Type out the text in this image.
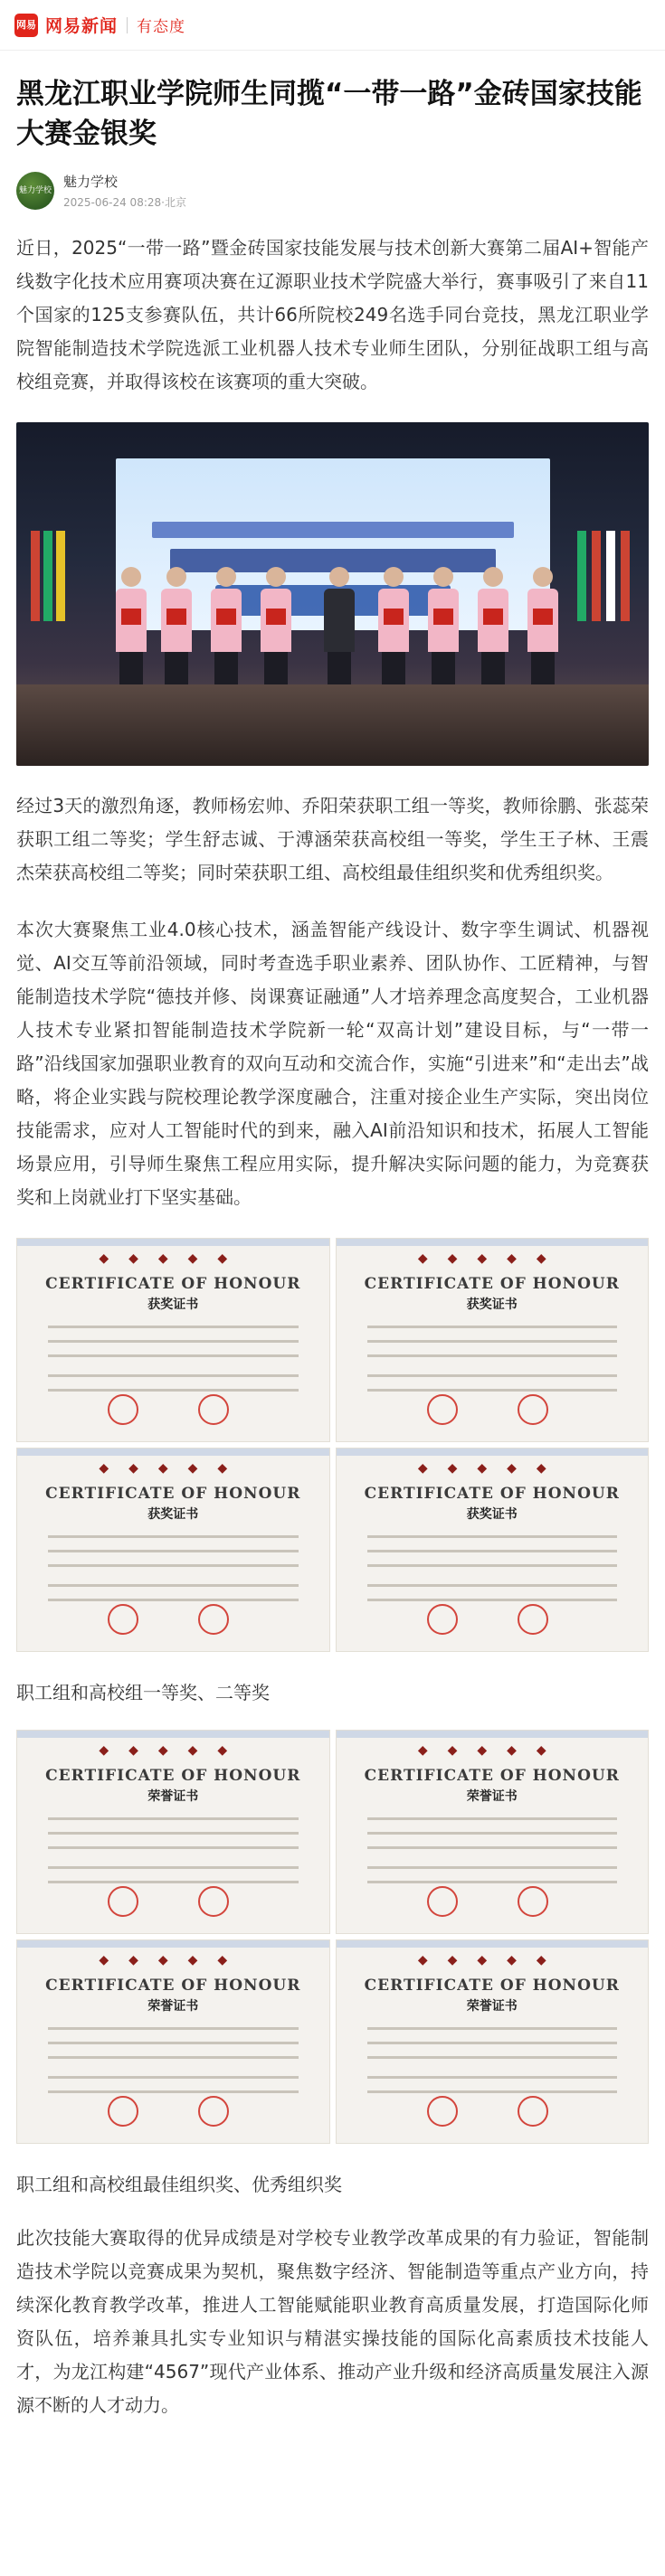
网易 网易新闻 有态度
黑龙江职业学院师生同揽“一带一路”金砖国家技能大赛金银奖
魅力学校
魅力学校
2025-06-24 08:28·北京

近日，2025“一带一路”暨金砖国家技能发展与技术创新大赛第二届AI+智能产线数字化技术应用赛项决赛在辽源职业技术学院盛大举行，赛事吸引了来自11个国家的125支参赛队伍，共计66所院校249名选手同台竞技，黑龙江职业学院智能制造技术学院选派工业机器人技术专业师生团队，分别征战职工组与高校组竞赛，并取得该校在该赛项的重大突破。

经过3天的激烈角逐，教师杨宏帅、乔阳荣获职工组一等奖，教师徐鹏、张蕊荣获职工组二等奖；学生舒志诚、于溥涵荣获高校组一等奖，学生王子林、王震杰荣获高校组二等奖；同时荣获职工组、高校组最佳组织奖和优秀组织奖。

本次大赛聚焦工业4.0核心技术，涵盖智能产线设计、数字孪生调试、机器视觉、AI交互等前沿领域，同时考查选手职业素养、团队协作、工匠精神，与智能制造技术学院“德技并修、岗课赛证融通”人才培养理念高度契合，工业机器人技术专业紧扣智能制造技术学院新一轮“双高计划”建设目标，与“一带一路”沿线国家加强职业教育的双向互动和交流合作，实施“引进来”和“走出去”战略，将企业实践与院校理论教学深度融合，注重对接企业生产实际，突出岗位技能需求，应对人工智能时代的到来，融入AI前沿知识和技术，拓展人工智能场景应用，引导师生聚焦工程应用实际，提升解决实际问题的能力，为竞赛获奖和上岗就业打下坚实基础。

◆◆◆◆◆
CERTIFICATE OF HONOUR
获奖证书
◆◆◆◆◆
CERTIFICATE OF HONOUR
获奖证书
◆◆◆◆◆
CERTIFICATE OF HONOUR
获奖证书
◆◆◆◆◆
CERTIFICATE OF HONOUR
获奖证书

职工组和高校组一等奖、二等奖

◆◆◆◆◆
CERTIFICATE OF HONOUR
荣誉证书
◆◆◆◆◆
CERTIFICATE OF HONOUR
荣誉证书
◆◆◆◆◆
CERTIFICATE OF HONOUR
荣誉证书
◆◆◆◆◆
CERTIFICATE OF HONOUR
荣誉证书

职工组和高校组最佳组织奖、优秀组织奖

此次技能大赛取得的优异成绩是对学校专业教学改革成果的有力验证，智能制造技术学院以竞赛成果为契机，聚焦数字经济、智能制造等重点产业方向，持续深化教育教学改革，推进人工智能赋能职业教育高质量发展，打造国际化师资队伍，培养兼具扎实专业知识与精湛实操技能的国际化高素质技术技能人才，为龙江构建“4567”现代产业体系、推动产业升级和经济高质量发展注入源源不断的人才动力。
